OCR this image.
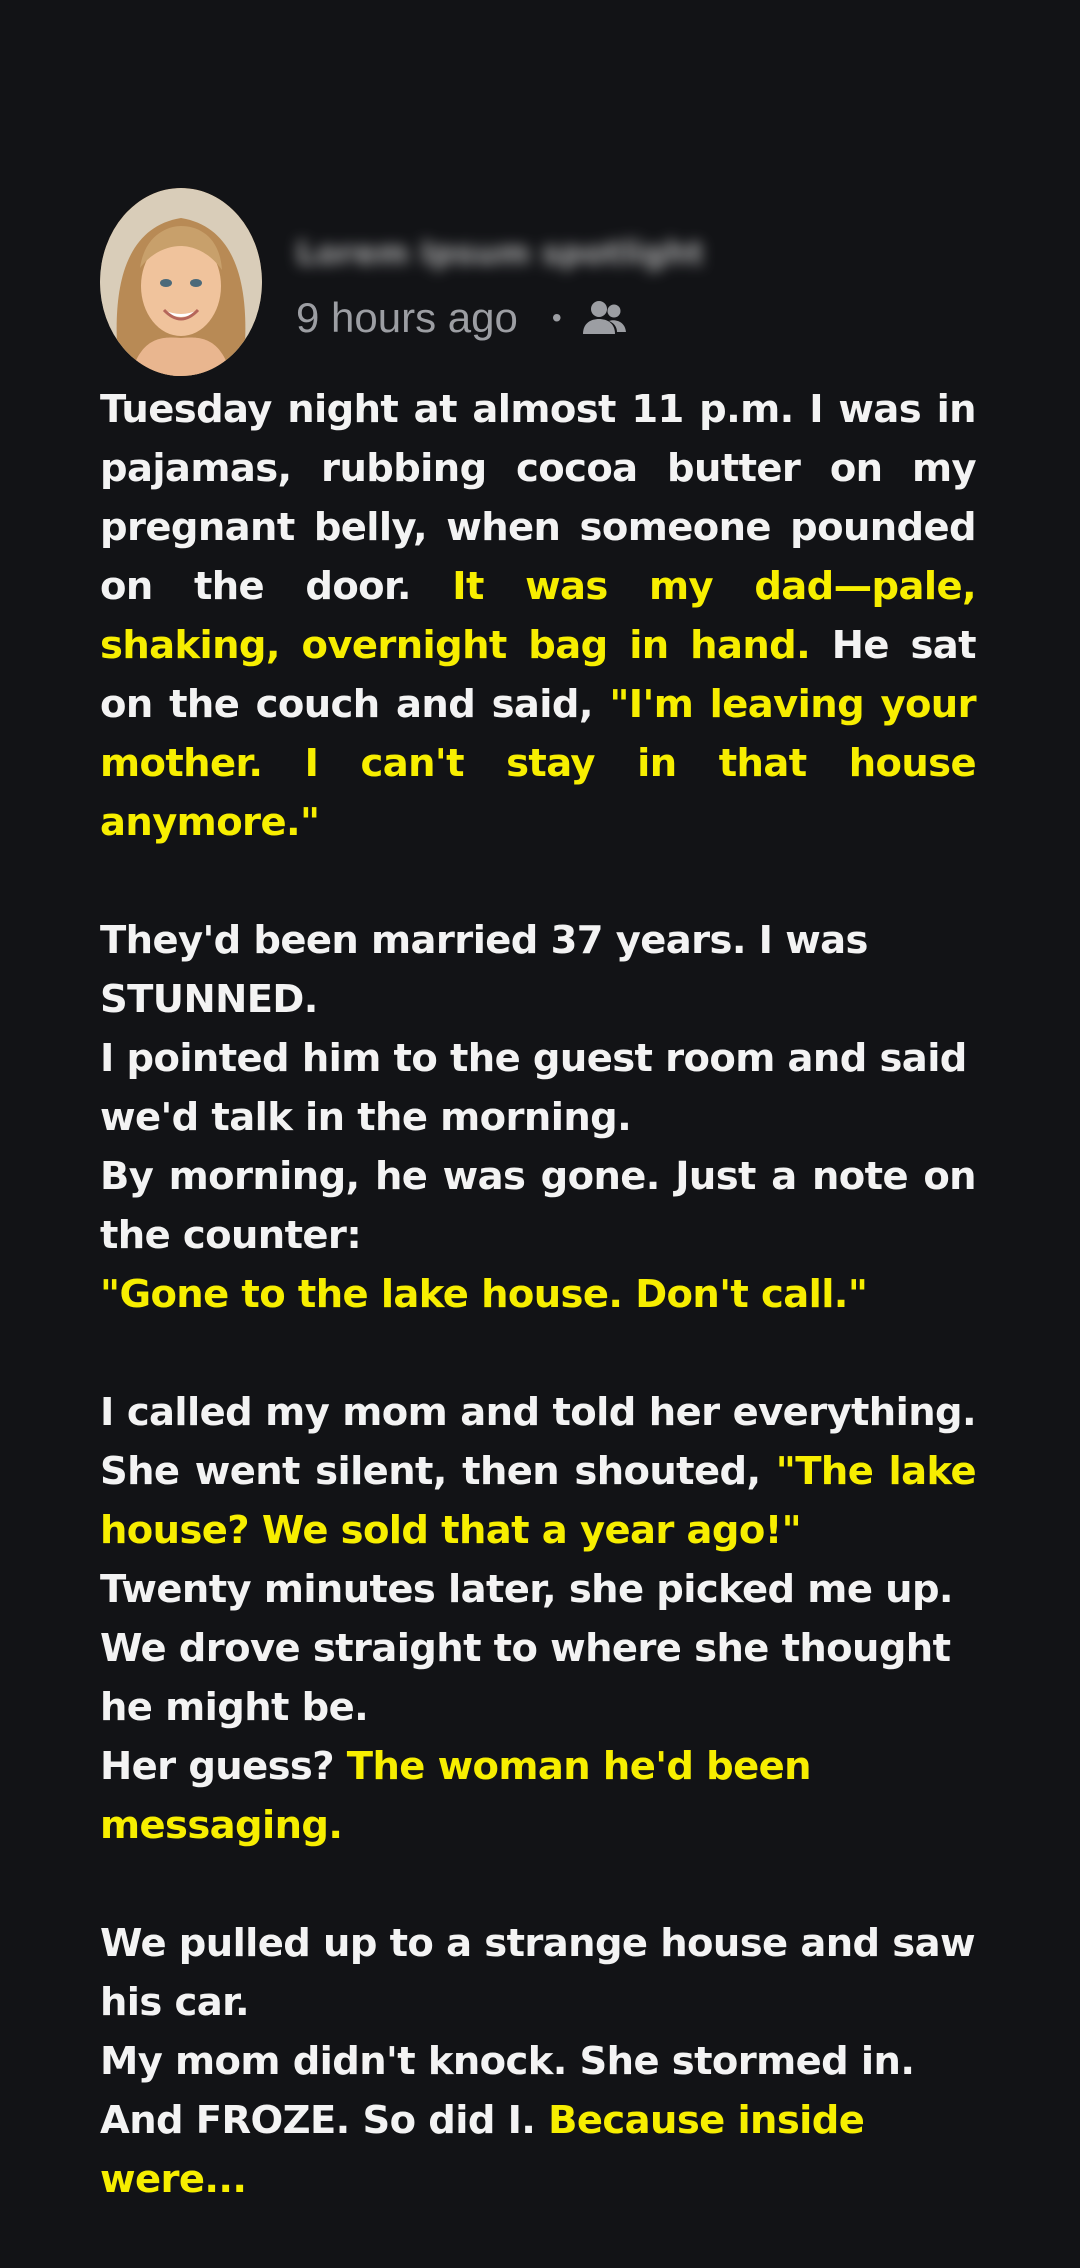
Lorem Ipsum spotlight
9 hours ago •

Tuesday night at almost 11 p.m. I was in pajamas, rubbing cocoa butter on my pregnant belly, when someone pounded on the door. It was my dad—pale, shaking, overnight bag in hand. He sat on the couch and said, "I'm leaving your mother. I can't stay in that house anymore."

They'd been married 37 years. I was STUNNED.
I pointed him to the guest room and said we'd talk in the morning.
By morning, he was gone. Just a note on the counter:
"Gone to the lake house. Don't call."

I called my mom and told her everything. She went silent, then shouted, "The lake house? We sold that a year ago!"
Twenty minutes later, she picked me up. We drove straight to where she thought he might be.
Her guess? The woman he'd been messaging.

We pulled up to a strange house and saw his car.
My mom didn't knock. She stormed in.
And FROZE. So did I. Because inside were...
